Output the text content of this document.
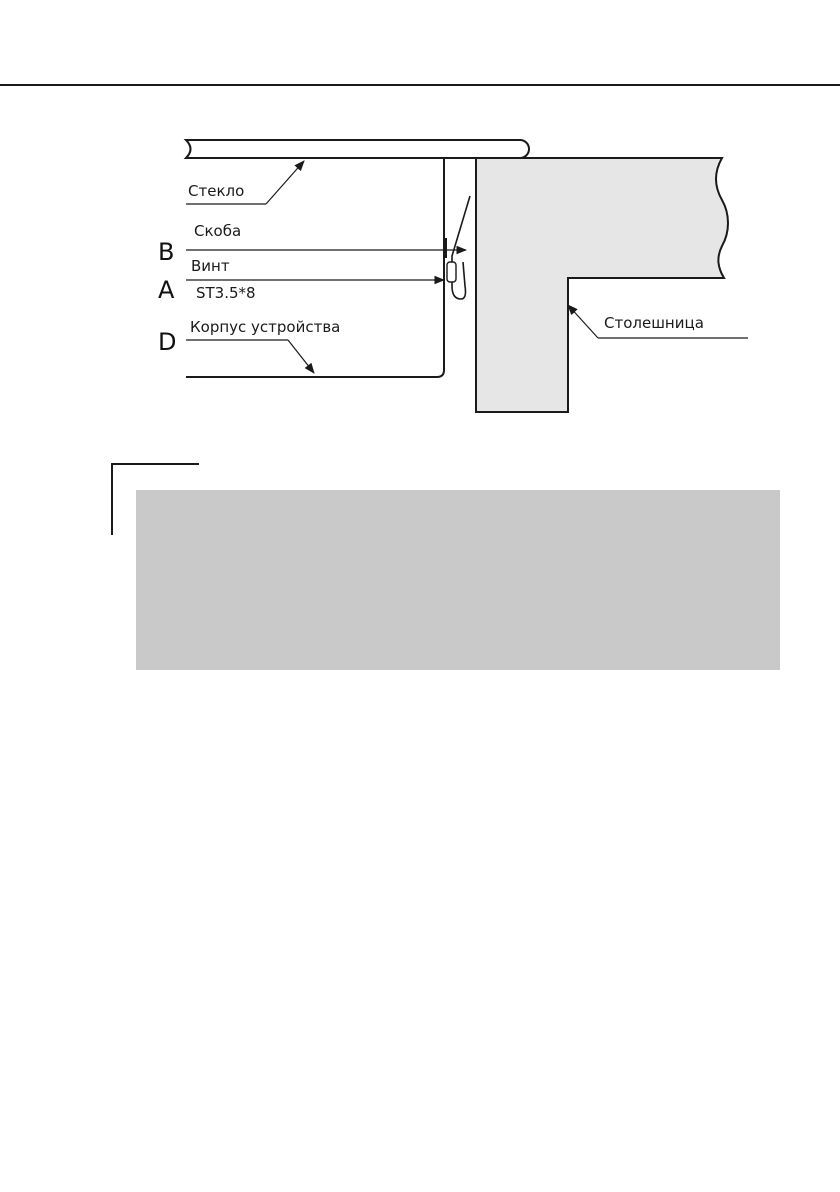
Стекло
Скоба
B Винт
ST3.5*8
A
Корпус устройства
D
Столешница
